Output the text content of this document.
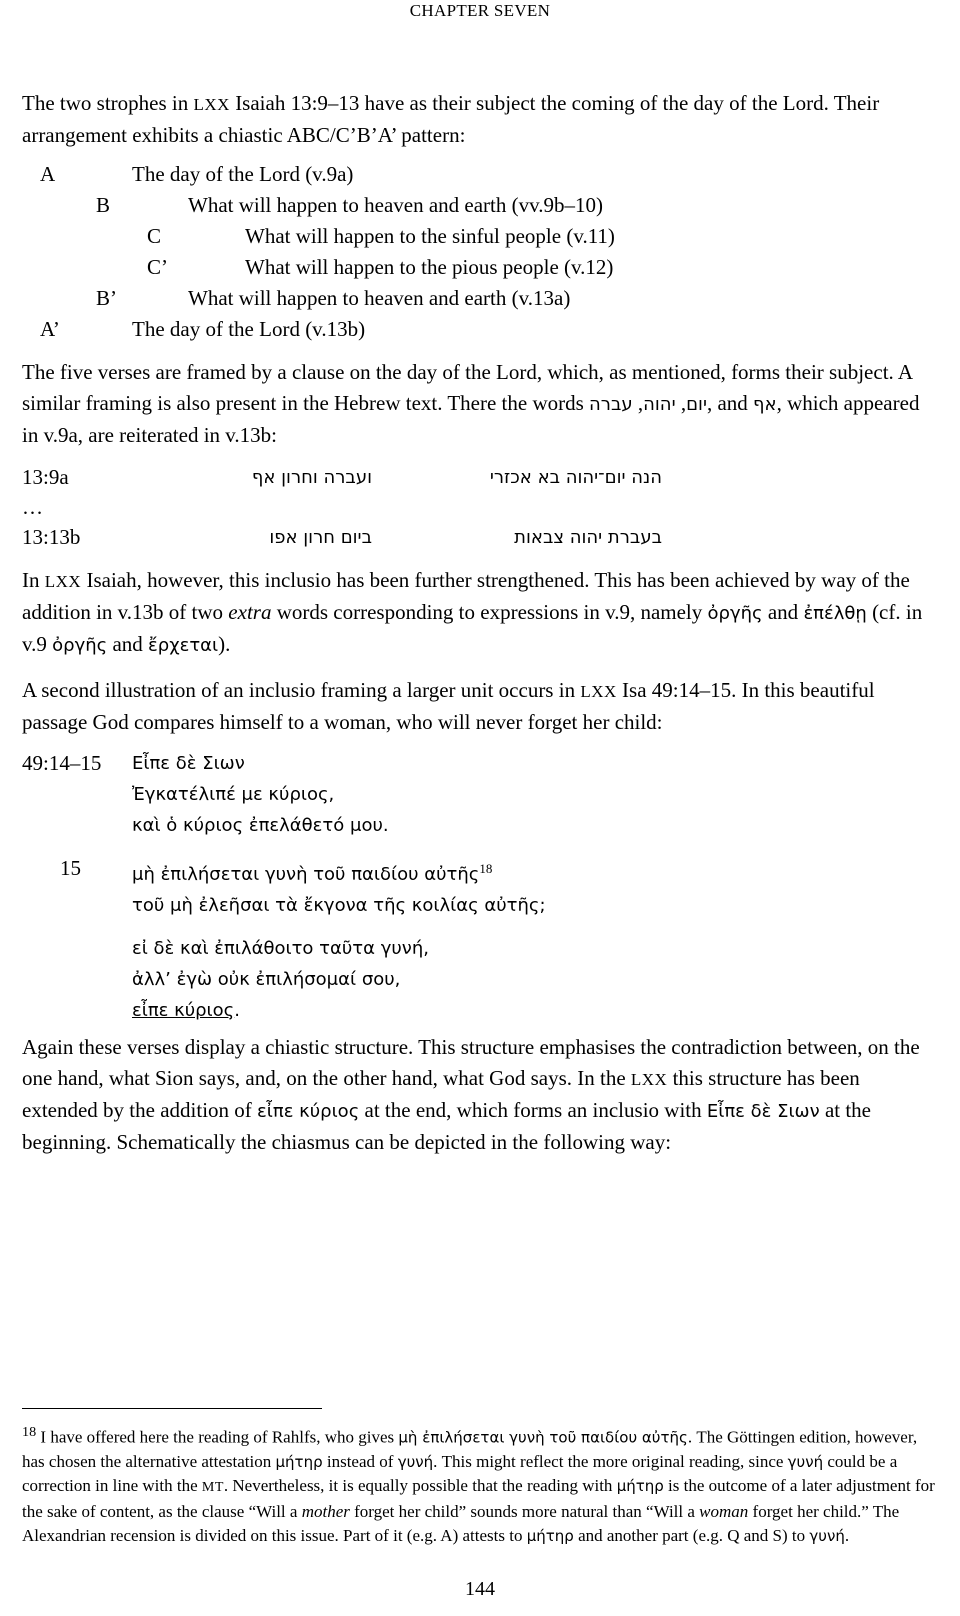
CHAPTER SEVEN

The two strophes in LXX Isaiah 13:9–13 have as their subject the coming of the day of the Lord. Their arrangement exhibits a chiastic ABC/C’B’A’ pattern:

A	The day of the Lord (v.9a)
B	What will happen to heaven and earth (vv.9b–10)
C	What will happen to the sinful people (v.11)
C’	What will happen to the pious people (v.12)
B’	What will happen to heaven and earth (v.13a)
A’	The day of the Lord (v.13b)

The five verses are framed by a clause on the day of the Lord, which, as mentioned, forms their subject. A similar framing is also present in the Hebrew text. There the words	יום, יהוה, עברה	, and אף, which appeared in v.9a, are reiterated in v.13b:

13:9a	ועברה וחרון אף	הנה יום־יהוה בא אכזרי
…
13:13b	ביום חרון אפו	בעברת יהוה צבאות

In LXX Isaiah, however, this inclusio has been further strengthened. This has been achieved by way of the addition in v.13b of two extra words corresponding to expressions in v.9, namely ὀργῆς and ἐπέλθῃ (cf. in v.9 ὀργῆς and ἔρχεται).

A second illustration of an inclusio framing a larger unit occurs in LXX Isa 49:14–15. In this beautiful passage God compares himself to a woman, who will never forget her child:

49:14–15	Εἶπε δὲ Σιων
Ἐγκατέλιπέ με κύριος,
καὶ ὁ κύριος ἐπελάθετό μου.
15	μὴ ἐπιλήσεται γυνὴ τοῦ παιδίου αὐτῆς$^{18}$
τοῦ μὴ ἐλεῆσαι τὰ ἔκγονα τῆς κοιλίας αὐτῆς;
εἰ δὲ καὶ ἐπιλάθοιτο ταῦτα γυνή,
ἀλλ’ ἐγὼ οὐκ ἐπιλήσομαί σου,
εἶπε κύριος.

Again these verses display a chiastic structure. This structure emphasises the contradiction between, on the one hand, what Sion says, and, on the other hand, what God says. In the LXX this structure has been extended by the addition of εἶπε κύριος at the end, which forms an inclusio with Εἶπε δὲ Σιων at the beginning. Schematically the chiasmus can be depicted in the following way:

$^{18}$ I have offered here the reading of Rahlfs, who gives μὴ ἐπιλήσεται γυνὴ τοῦ παιδίου αὐτῆς. The Göttingen edition, however, has chosen the alternative attestation μήτηρ instead of γυνή. This might reflect the more original reading, since γυνή could be a correction in line with the MT. Nevertheless, it is equally possible that the reading with μήτηρ is the outcome of a later adjustment for the sake of content, as the clause “Will a mother forget her child” sounds more natural than “Will a woman forget her child.” The Alexandrian recension is divided on this issue. Part of it (e.g. A) attests to μήτηρ and another part (e.g. Q and S) to γυνή.
144
